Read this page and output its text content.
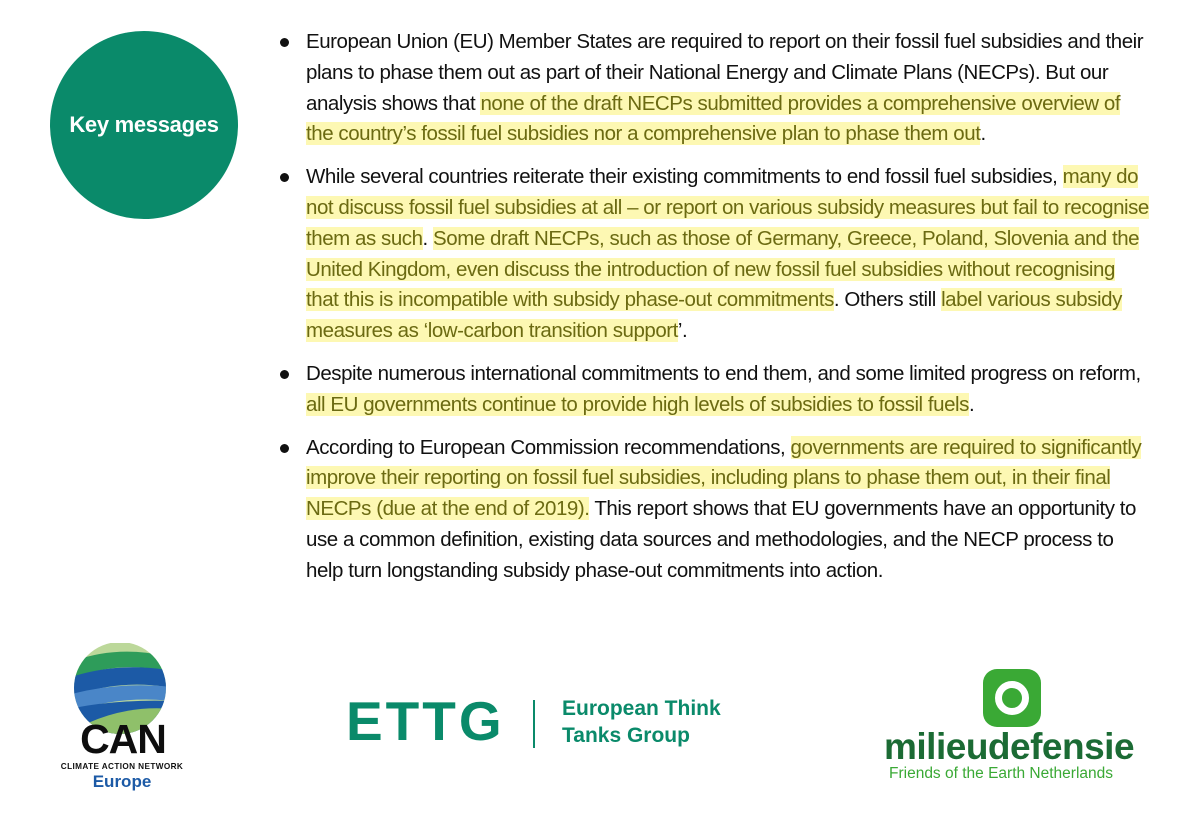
Key messages
European Union (EU) Member States are required to report on their fossil fuel subsidies and their plans to phase them out as part of their National Energy and Climate Plans (NECPs). But our analysis shows that none of the draft NECPs submitted provides a comprehensive overview of the country’s fossil fuel subsidies nor a comprehensive plan to phase them out.
While several countries reiterate their existing commitments to end fossil fuel subsidies, many do not discuss fossil fuel subsidies at all – or report on various subsidy measures but fail to recognise them as such. Some draft NECPs, such as those of Germany, Greece, Poland, Slovenia and the United Kingdom, even discuss the introduction of new fossil fuel subsidies without recognising that this is incompatible with subsidy phase-out commitments. Others still label various subsidy measures as ‘low-carbon transition support’.
Despite numerous international commitments to end them, and some limited progress on reform, all EU governments continue to provide high levels of subsidies to fossil fuels.
According to European Commission recommendations, governments are required to significantly improve their reporting on fossil fuel subsidies, including plans to phase them out, in their final NECPs (due at the end of 2019). This report shows that EU governments have an opportunity to use a common definition, existing data sources and methodologies, and the NECP process to help turn longstanding subsidy phase-out commitments into action.
CAN
CLIMATE ACTION NETWORK
Europe
ETTG	European Think
Tanks Group	milieudefensie
Friends of the Earth Netherlands
